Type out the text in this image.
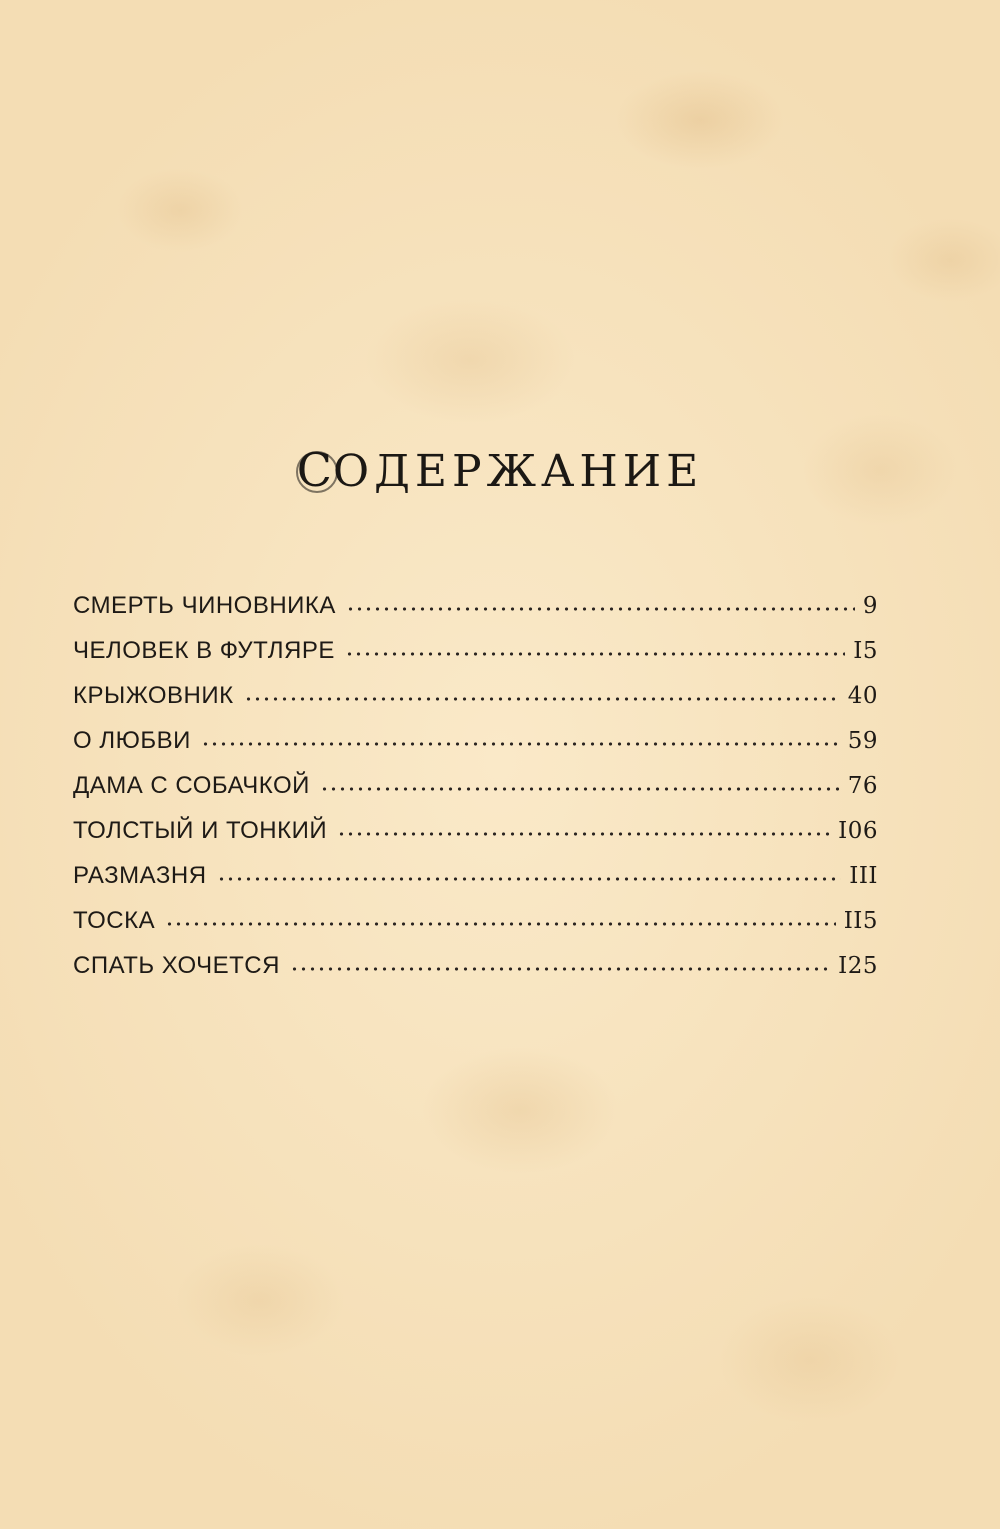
СОДЕРЖАНИЕ
СМЕРТЬ ЧИНОВНИКА	9
ЧЕЛОВЕК В ФУТЛЯРЕ	I5
КРЫЖОВНИК	40
О ЛЮБВИ	59
ДАМА С СОБАЧКОЙ	76
ТОЛСТЫЙ И ТОНКИЙ	I06
РАЗМАЗНЯ	III
ТОСКА	II5
СПАТЬ ХОЧЕТСЯ	I25
